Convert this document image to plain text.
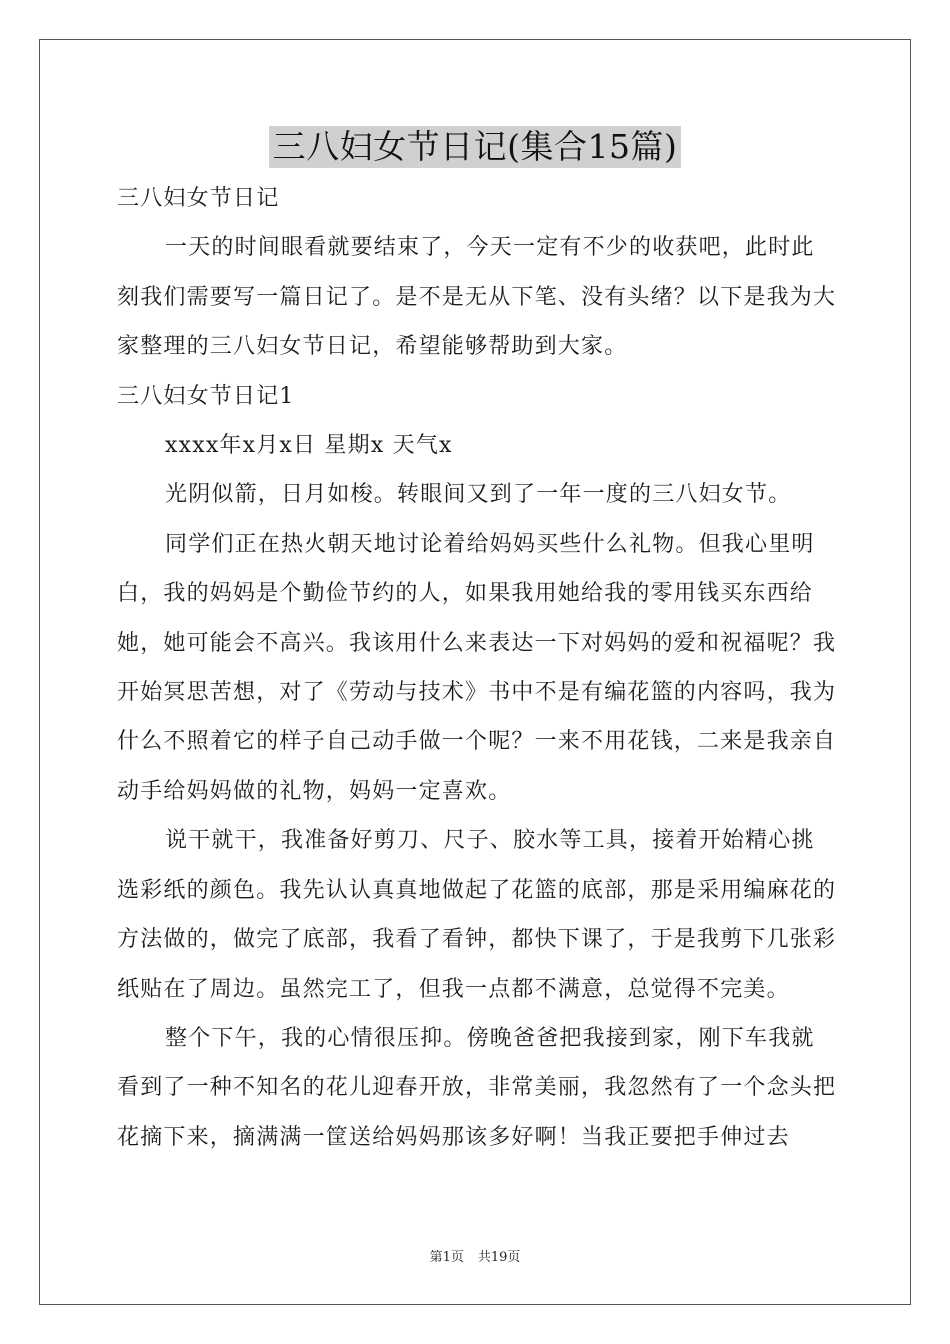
三八妇女节日记(集合15篇)

三八妇女节日记

一天的时间眼看就要结束了，今天一定有不少的收获吧，此时此刻我们需要写一篇日记了。是不是无从下笔、没有头绪？以下是我为大家整理的三八妇女节日记，希望能够帮助到大家。

三八妇女节日记1

xxxx年x月x日 星期x 天气x

光阴似箭，日月如梭。转眼间又到了一年一度的三八妇女节。

同学们正在热火朝天地讨论着给妈妈买些什么礼物。但我心里明白，我的妈妈是个勤俭节约的人，如果我用她给我的零用钱买东西给她，她可能会不高兴。我该用什么来表达一下对妈妈的爱和祝福呢？我开始冥思苦想，对了《劳动与技术》书中不是有编花篮的内容吗，我为什么不照着它的样子自己动手做一个呢？一来不用花钱，二来是我亲自动手给妈妈做的礼物，妈妈一定喜欢。

说干就干，我准备好剪刀、尺子、胶水等工具，接着开始精心挑选彩纸的颜色。我先认认真真地做起了花篮的底部，那是采用编麻花的方法做的，做完了底部，我看了看钟，都快下课了，于是我剪下几张彩纸贴在了周边。虽然完工了，但我一点都不满意，总觉得不完美。

整个下午，我的心情很压抑。傍晚爸爸把我接到家，刚下车我就看到了一种不知名的花儿迎春开放，非常美丽，我忽然有了一个念头把花摘下来，摘满满一筐送给妈妈那该多好啊！当我正要把手伸过去

第1页 共19页
